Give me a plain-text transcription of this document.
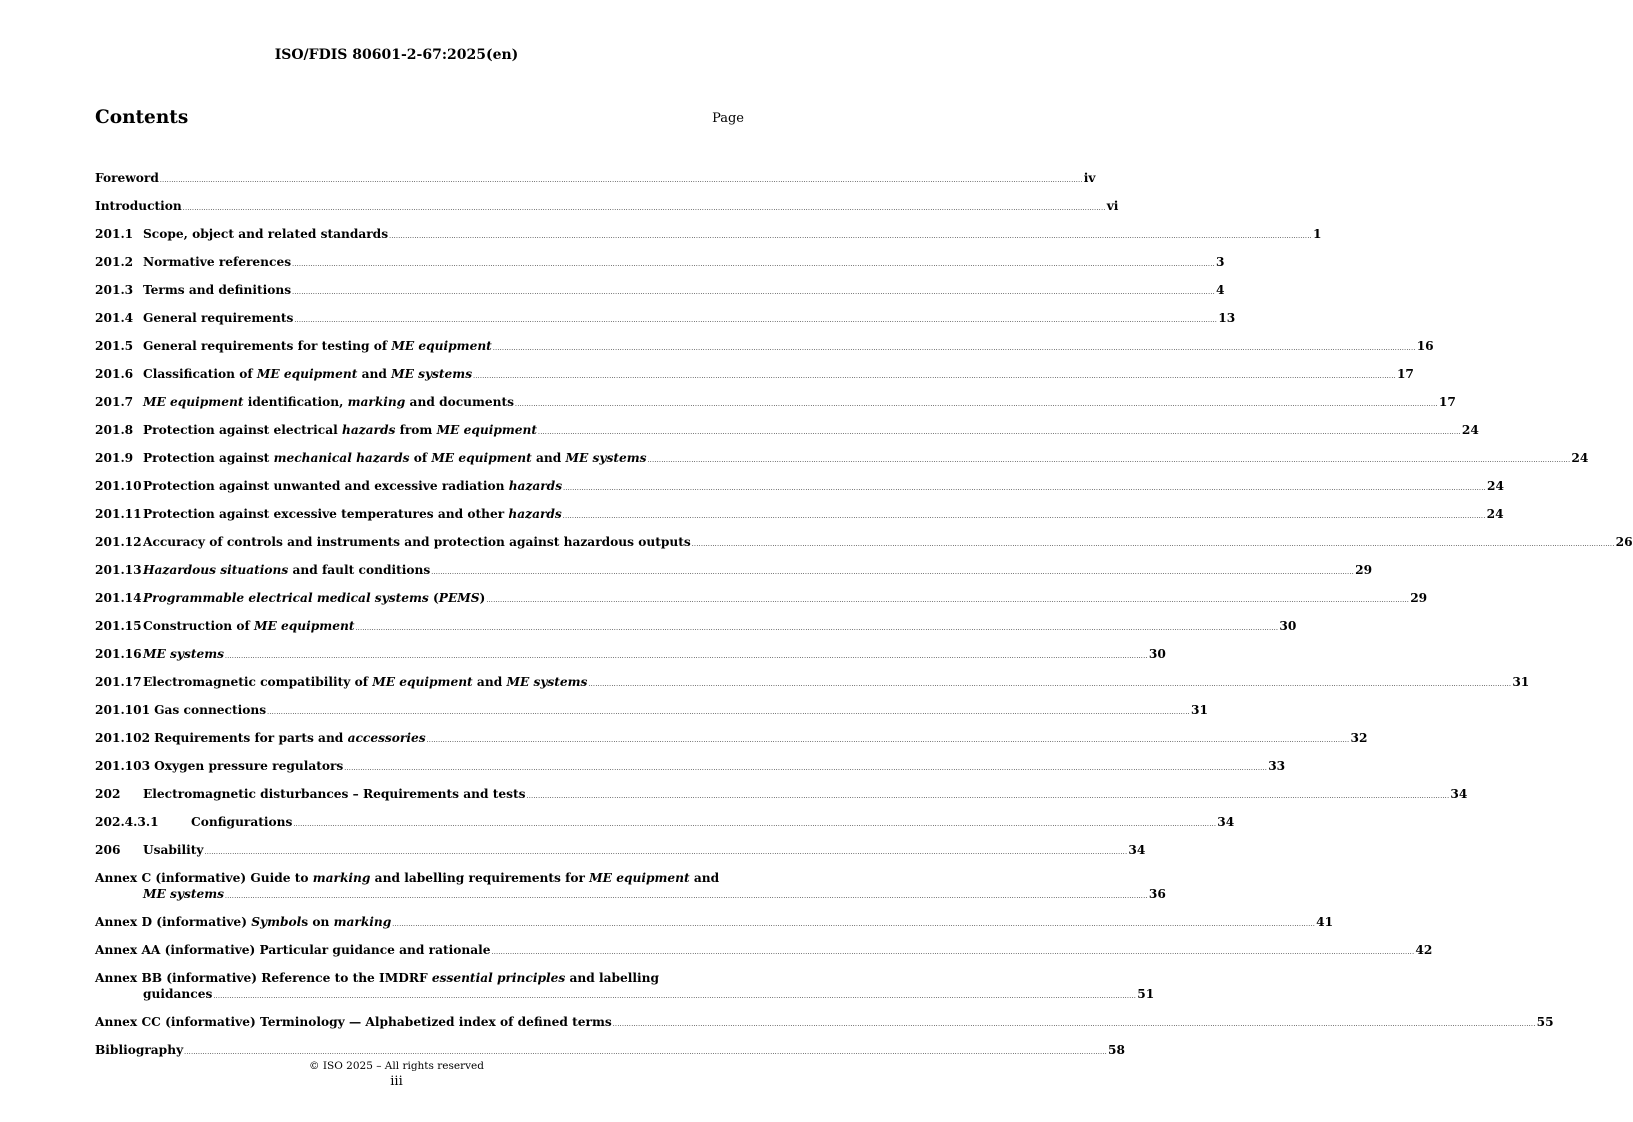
ISO/FDIS 80601-2-67:2025(en)
Contents	Page
Foreword ................................................................................................................................................................................................................................................................................................................................................................................................................ iv
Introduction ................................................................................................................................................................................................................................................................................................................................................................................................................ vi
201.1 Scope, object and related standards ................................................................................................................................................................................................................................................................................................................................................................................................................ 1
201.2 Normative references ................................................................................................................................................................................................................................................................................................................................................................................................................ 3
201.3 Terms and definitions ................................................................................................................................................................................................................................................................................................................................................................................................................ 4
201.4 General requirements ................................................................................................................................................................................................................................................................................................................................................................................................................ 13
201.5 General requirements for testing of ME equipment ................................................................................................................................................................................................................................................................................................................................................................................................................ 16
201.6 Classification of ME equipment and ME systems ................................................................................................................................................................................................................................................................................................................................................................................................................ 17
201.7 ME equipment identification, marking and documents ................................................................................................................................................................................................................................................................................................................................................................................................................ 17
201.8 Protection against electrical hazards from ME equipment ................................................................................................................................................................................................................................................................................................................................................................................................................ 24
201.9 Protection against mechanical hazards of ME equipment and ME systems ................................................................................................................................................................................................................................................................................................................................................................................................................ 24
201.10 Protection against unwanted and excessive radiation hazards ................................................................................................................................................................................................................................................................................................................................................................................................................ 24
201.11 Protection against excessive temperatures and other hazards ................................................................................................................................................................................................................................................................................................................................................................................................................ 24
201.12 Accuracy of controls and instruments and protection against hazardous outputs ................................................................................................................................................................................................................................................................................................................................................................................................................ 26
201.13 Hazardous situations and fault conditions ................................................................................................................................................................................................................................................................................................................................................................................................................ 29
201.14 Programmable electrical medical systems (PEMS) ................................................................................................................................................................................................................................................................................................................................................................................................................ 29
201.15 Construction of ME equipment ................................................................................................................................................................................................................................................................................................................................................................................................................ 30
201.16 ME systems ................................................................................................................................................................................................................................................................................................................................................................................................................ 30
201.17 Electromagnetic compatibility of ME equipment and ME systems ................................................................................................................................................................................................................................................................................................................................................................................................................ 31
201.101 Gas connections ................................................................................................................................................................................................................................................................................................................................................................................................................ 31
201.102 Requirements for parts and accessories ................................................................................................................................................................................................................................................................................................................................................................................................................ 32
201.103 Oxygen pressure regulators ................................................................................................................................................................................................................................................................................................................................................................................................................ 33
202	Electromagnetic disturbances – Requirements and tests ................................................................................................................................................................................................................................................................................................................................................................................................................ 34
202.4.3.1	Configurations ................................................................................................................................................................................................................................................................................................................................................................................................................ 34
206	Usability ................................................................................................................................................................................................................................................................................................................................................................................................................ 34
Annex C (informative) Guide to marking and labelling requirements for ME equipment and
ME systems ................................................................................................................................................................................................................................................................................................................................................................................................................ 36
Annex D (informative) Symbols on marking ................................................................................................................................................................................................................................................................................................................................................................................................................ 41
Annex AA (informative) Particular guidance and rationale ................................................................................................................................................................................................................................................................................................................................................................................................................ 42
Annex BB (informative) Reference to the IMDRF essential principles and labelling
guidances ................................................................................................................................................................................................................................................................................................................................................................................................................ 51
Annex CC (informative) Terminology — Alphabetized index of defined terms ................................................................................................................................................................................................................................................................................................................................................................................................................ 55
Bibliography ................................................................................................................................................................................................................................................................................................................................................................................................................ 58
© ISO 2025 – All rights reserved
iii
